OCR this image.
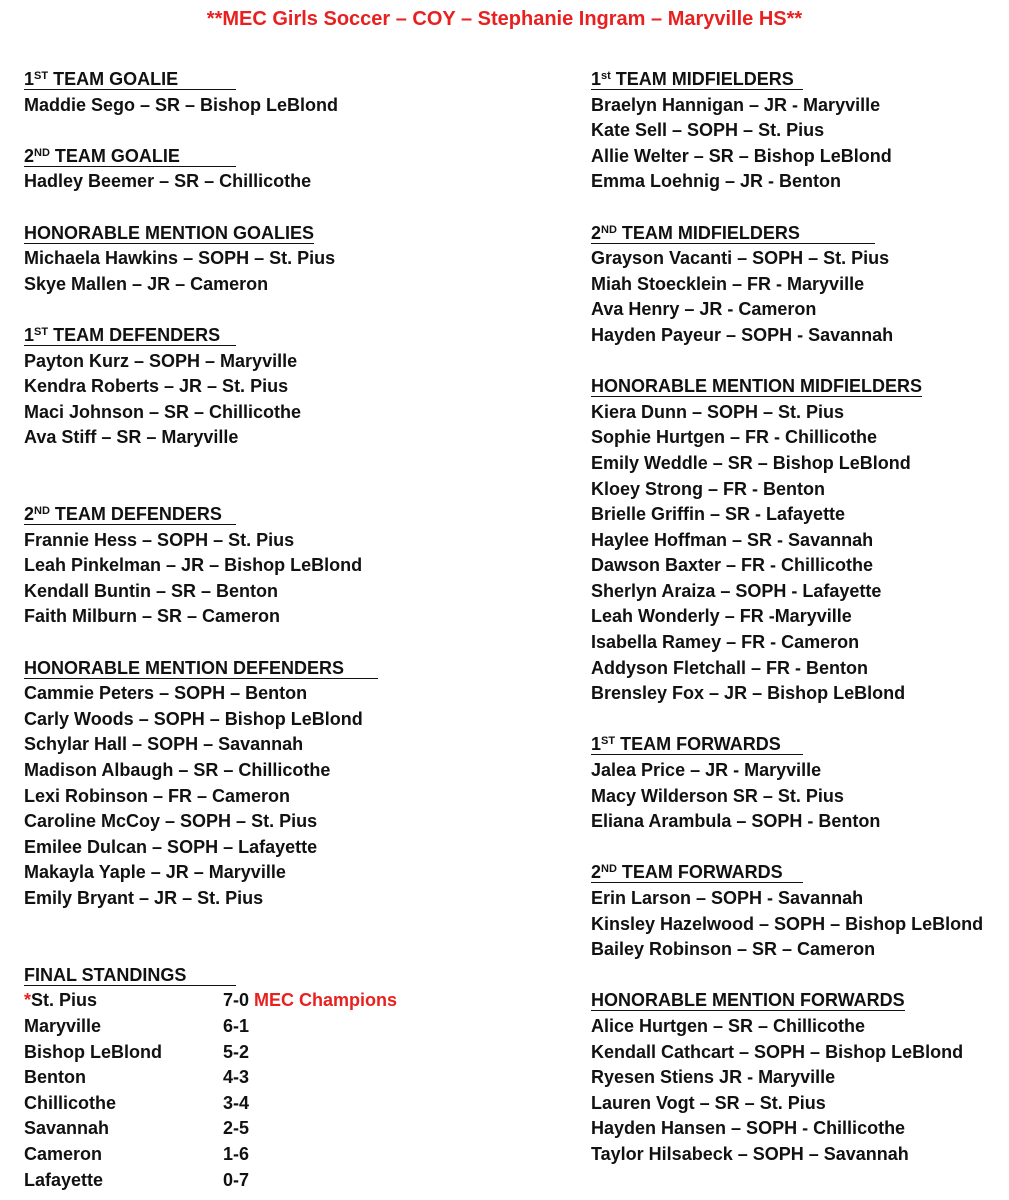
**MEC Girls Soccer – COY – Stephanie Ingram – Maryville HS**
1ST TEAM GOALIE
Maddie Sego – SR – Bishop LeBlond
2ND TEAM GOALIE
Hadley Beemer – SR – Chillicothe
HONORABLE MENTION GOALIES
Michaela Hawkins – SOPH – St. Pius
Skye Mallen – JR – Cameron
1ST TEAM DEFENDERS
Payton Kurz – SOPH – Maryville
Kendra Roberts – JR – St. Pius
Maci Johnson – SR – Chillicothe
Ava Stiff – SR – Maryville
2ND TEAM DEFENDERS
Frannie Hess – SOPH – St. Pius
Leah Pinkelman – JR – Bishop LeBlond
Kendall Buntin – SR – Benton
Faith Milburn – SR – Cameron
HONORABLE MENTION DEFENDERS
Cammie Peters – SOPH – Benton
Carly Woods – SOPH – Bishop LeBlond
Schylar Hall – SOPH – Savannah
Madison Albaugh – SR – Chillicothe
Lexi Robinson – FR – Cameron
Caroline McCoy – SOPH – St. Pius
Emilee Dulcan – SOPH – Lafayette
Makayla Yaple – JR – Maryville
Emily Bryant – JR – St. Pius
FINAL STANDINGS
*St. Pius	7-0 MEC Champions
Maryville	6-1
Bishop LeBlond	5-2
Benton	4-3
Chillicothe	3-4
Savannah	2-5
Cameron	1-6
Lafayette	0-7
1st TEAM MIDFIELDERS
Braelyn Hannigan – JR - Maryville
Kate Sell – SOPH – St. Pius
Allie Welter – SR – Bishop LeBlond
Emma Loehnig – JR - Benton
2ND TEAM MIDFIELDERS
Grayson Vacanti – SOPH – St. Pius
Miah Stoecklein – FR - Maryville
Ava Henry – JR - Cameron
Hayden Payeur – SOPH - Savannah
HONORABLE MENTION MIDFIELDERS
Kiera Dunn – SOPH – St. Pius
Sophie Hurtgen – FR - Chillicothe
Emily Weddle – SR – Bishop LeBlond
Kloey Strong – FR - Benton
Brielle Griffin – SR - Lafayette
Haylee Hoffman – SR - Savannah
Dawson Baxter – FR - Chillicothe
Sherlyn Araiza – SOPH - Lafayette
Leah Wonderly – FR -Maryville
Isabella Ramey – FR - Cameron
Addyson Fletchall – FR - Benton
Brensley Fox – JR – Bishop LeBlond
1ST TEAM FORWARDS
Jalea Price – JR - Maryville
Macy Wilderson SR – St. Pius
Eliana Arambula – SOPH - Benton
2ND TEAM FORWARDS
Erin Larson – SOPH - Savannah
Kinsley Hazelwood – SOPH – Bishop LeBlond
Bailey Robinson – SR – Cameron
HONORABLE MENTION FORWARDS
Alice Hurtgen – SR – Chillicothe
Kendall Cathcart – SOPH – Bishop LeBlond
Ryesen Stiens JR - Maryville
Lauren Vogt – SR – St. Pius
Hayden Hansen – SOPH - Chillicothe
Taylor Hilsabeck – SOPH – Savannah
